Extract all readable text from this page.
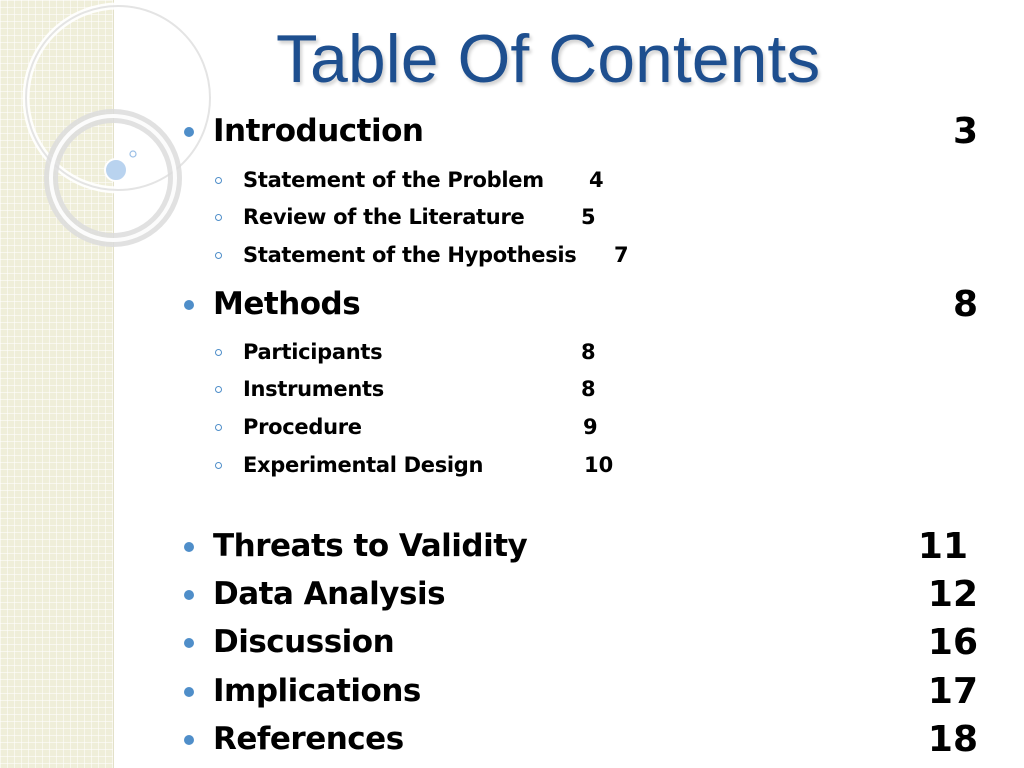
Table Of Contents
Introduction	3
Statement of the Problem 4
Review of the Literature	5
Statement of the Hypothesis 7
Methods	8
Participants	8
Instruments	8
Procedure	9
Experimental Design	10
Threats to Validity	11
Data Analysis	12
Discussion	16
Implications	17
References	18
